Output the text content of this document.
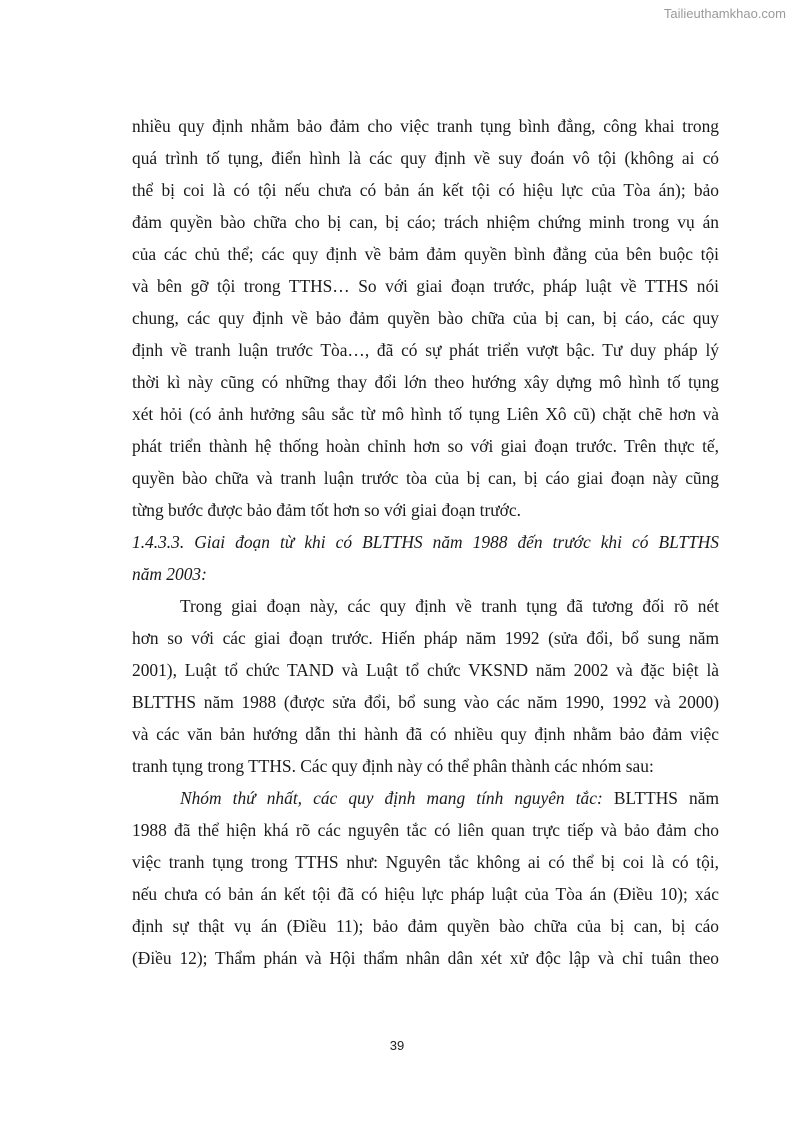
Tailieuthamkhao.com

nhiều quy định nhằm bảo đảm cho việc tranh tụng bình đẳng, công khai trong

quá trình tố tụng, điển hình là các quy định về suy đoán vô tội (không ai có

thể bị coi là có tội nếu chưa có bản án kết tội có hiệu lực của Tòa án); bảo

đảm quyền bào chữa cho bị can, bị cáo; trách nhiệm chứng minh trong vụ án

của các chủ thể; các quy định về bảm đảm quyền bình đẳng của bên buộc tội

và bên gỡ tội trong TTHS… So với giai đoạn trước, pháp luật về TTHS nói

chung, các quy định về bảo đảm quyền bào chữa của bị can, bị cáo, các quy

định về tranh luận trước Tòa…, đã có sự phát triển vượt bậc. Tư duy pháp lý

thời kì này cũng có những thay đổi lớn theo hướng xây dựng mô hình tố tụng

xét hỏi (có ảnh hưởng sâu sắc từ mô hình tố tụng Liên Xô cũ) chặt chẽ hơn và

phát triển thành hệ thống hoàn chỉnh hơn so với giai đoạn trước. Trên thực tế,

quyền bào chữa và tranh luận trước tòa của bị can, bị cáo giai đoạn này cũng

từng bước được bảo đảm tốt hơn so với giai đoạn trước.

1.4.3.3. Giai đoạn từ khi có BLTTHS năm 1988 đến trước khi có BLTTHS

năm 2003:

Trong giai đoạn này, các quy định về tranh tụng đã tương đối rõ nét

hơn so với các giai đoạn trước. Hiến pháp năm 1992 (sửa đổi, bổ sung năm

2001), Luật tổ chức TAND và Luật tổ chức VKSND năm 2002 và đặc biệt là

BLTTHS năm 1988 (được sửa đổi, bổ sung vào các năm 1990, 1992 và 2000)

và các văn bản hướng dẫn thi hành đã có nhiều quy định nhằm bảo đảm việc

tranh tụng trong TTHS. Các quy định này có thể phân thành các nhóm sau:

Nhóm thứ nhất, các quy định mang tính nguyên tắc: BLTTHS năm

1988 đã thể hiện khá rõ các nguyên tắc có liên quan trực tiếp và bảo đảm cho

việc tranh tụng trong TTHS như: Nguyên tắc không ai có thể bị coi là có tội,

nếu chưa có bản án kết tội đã có hiệu lực pháp luật của Tòa án (Điều 10); xác

định sự thật vụ án (Điều 11); bảo đảm quyền bào chữa của bị can, bị cáo

(Điều 12); Thẩm phán và Hội thẩm nhân dân xét xử độc lập và chỉ tuân theo

39
